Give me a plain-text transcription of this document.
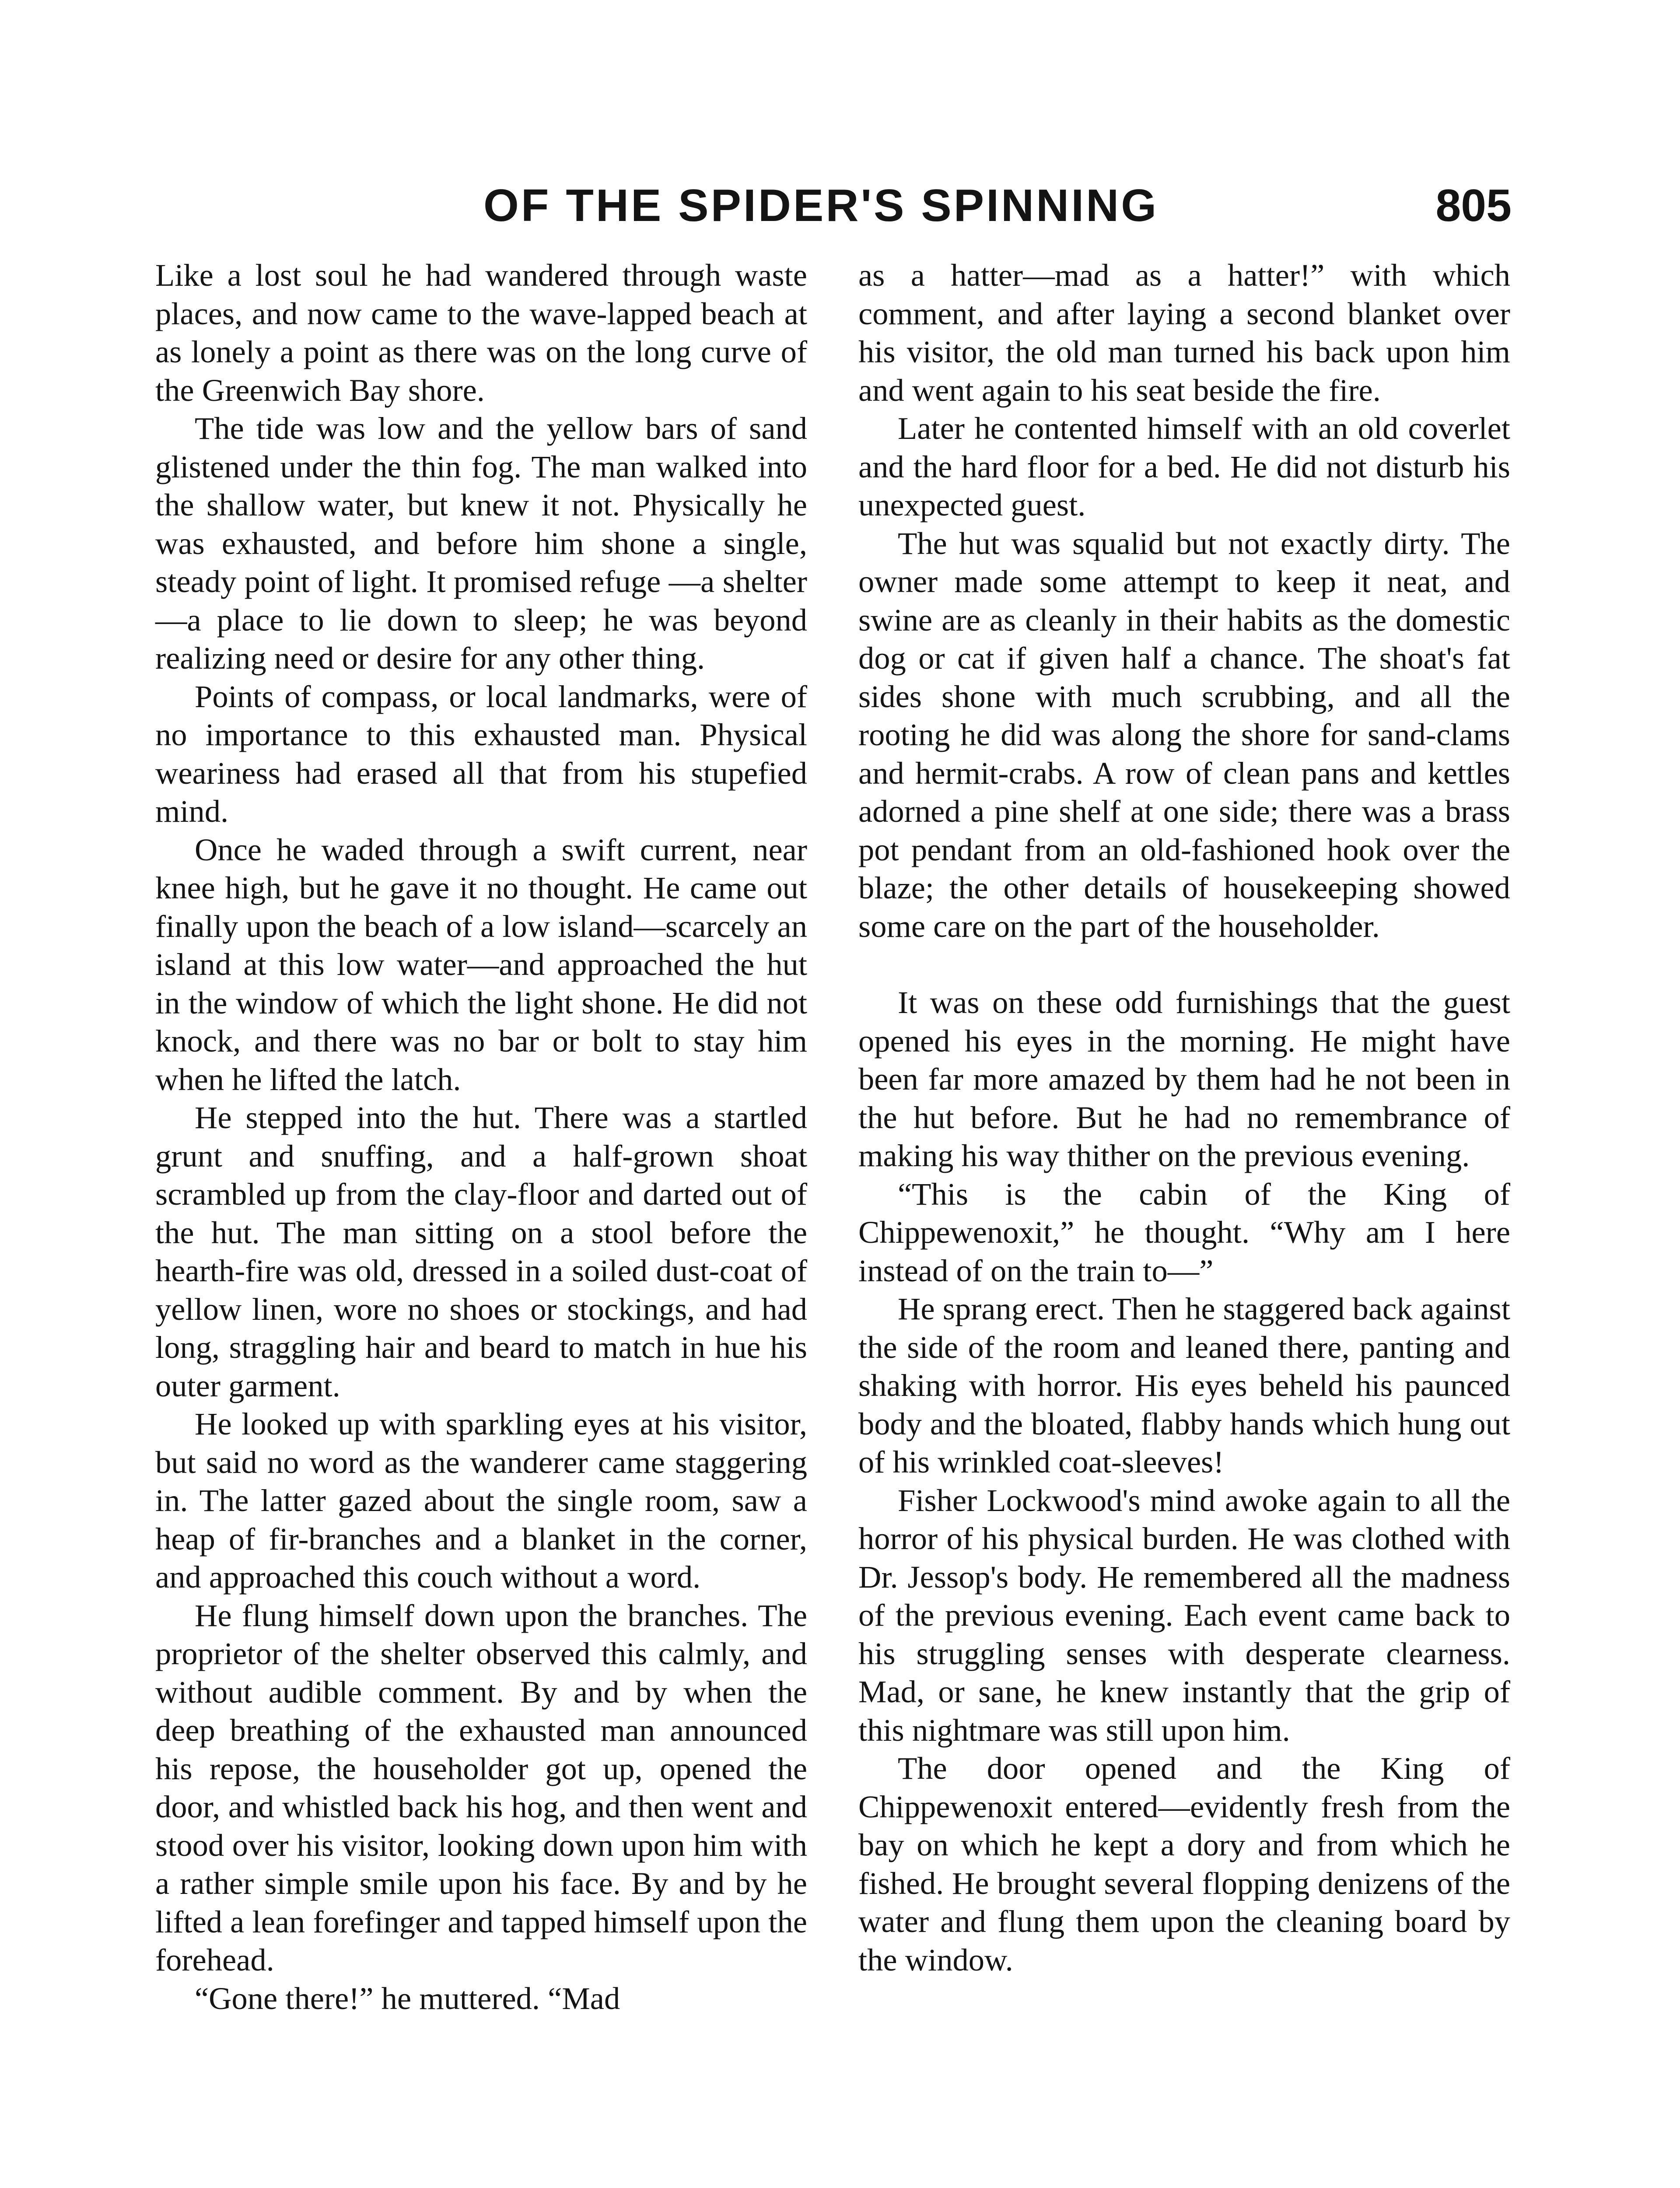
OF THE SPIDER'S SPINNING	805

Like a lost soul he had wandered through waste places, and now came to the wave-lapped beach at as lonely a point as there was on the long curve of the Greenwich Bay shore.

The tide was low and the yellow bars of sand glistened under the thin fog. The man walked into the shallow water, but knew it not. Physically he was exhausted, and before him shone a single, steady point of light. It promised refuge —a shelter—a place to lie down to sleep; he was beyond realizing need or desire for any other thing.

Points of compass, or local landmarks, were of no importance to this exhausted man. Physical weariness had erased all that from his stupefied mind.

Once he waded through a swift current, near knee high, but he gave it no thought. He came out finally upon the beach of a low island—scarcely an island at this low water—and approached the hut in the window of which the light shone. He did not knock, and there was no bar or bolt to stay him when he lifted the latch.

He stepped into the hut. There was a startled grunt and snuffing, and a half-grown shoat scrambled up from the clay-floor and darted out of the hut. The man sitting on a stool before the hearth-fire was old, dressed in a soiled dust-coat of yellow linen, wore no shoes or stockings, and had long, straggling hair and beard to match in hue his outer garment.

He looked up with sparkling eyes at his visitor, but said no word as the wanderer came staggering in. The latter gazed about the single room, saw a heap of fir-branches and a blanket in the corner, and approached this couch without a word.

He flung himself down upon the branches. The proprietor of the shelter observed this calmly, and without audible comment. By and by when the deep breathing of the exhausted man announced his repose, the householder got up, opened the door, and whistled back his hog, and then went and stood over his visitor, looking down upon him with a rather simple smile upon his face. By and by he lifted a lean forefinger and tapped himself upon the forehead.

“Gone there!” he muttered. “Mad

as a hatter—mad as a hatter!” with which comment, and after laying a second blanket over his visitor, the old man turned his back upon him and went again to his seat beside the fire.

Later he contented himself with an old coverlet and the hard floor for a bed. He did not disturb his unexpected guest.

The hut was squalid but not exactly dirty. The owner made some attempt to keep it neat, and swine are as cleanly in their habits as the domestic dog or cat if given half a chance. The shoat's fat sides shone with much scrubbing, and all the rooting he did was along the shore for sand-clams and hermit-crabs. A row of clean pans and kettles adorned a pine shelf at one side; there was a brass pot pendant from an old-fashioned hook over the blaze; the other details of housekeeping showed some care on the part of the householder.

It was on these odd furnishings that the guest opened his eyes in the morning. He might have been far more amazed by them had he not been in the hut before. But he had no remembrance of making his way thither on the previous evening.

“This is the cabin of the King of Chippewenoxit,” he thought. “Why am I here instead of on the train to—”

He sprang erect. Then he staggered back against the side of the room and leaned there, panting and shaking with horror. His eyes beheld his paunced body and the bloated, flabby hands which hung out of his wrinkled coat-sleeves!

Fisher Lockwood's mind awoke again to all the horror of his physical burden. He was clothed with Dr. Jessop's body. He remembered all the madness of the previous evening. Each event came back to his struggling senses with desperate clearness. Mad, or sane, he knew instantly that the grip of this nightmare was still upon him.

The door opened and the King of Chippewenoxit entered—evidently fresh from the bay on which he kept a dory and from which he fished. He brought several flopping denizens of the water and flung them upon the cleaning board by the window.
